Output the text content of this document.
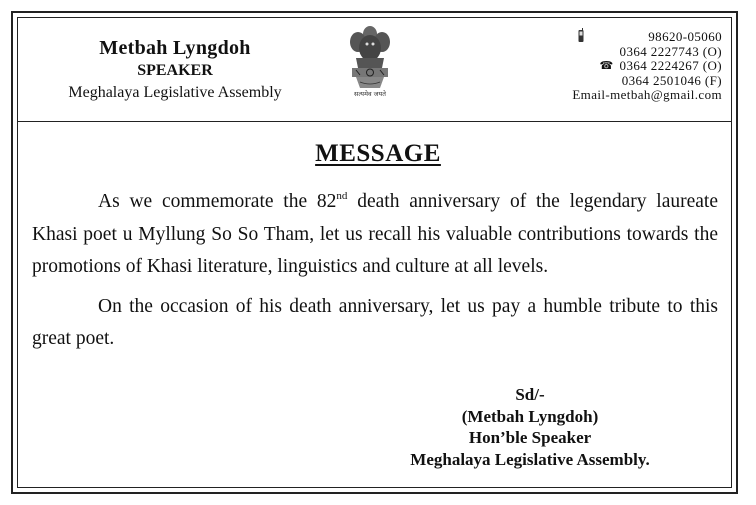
Metbah Lyngdoh
SPEAKER
Meghalaya Legislative Assembly	सत्यमेव जयते
98620-05060
0364 2227743 (O)
☎ 0364 2224267 (O)
0364 2501046 (F)
Email-metbah@gmail.com
MESSAGE

As we commemorate the 82nd death anniversary of the legendary laureate Khasi poet u Myllung So So Tham, let us recall his valuable contributions towards the promotions of Khasi literature, linguistics and culture at all levels.

On the occasion of his death anniversary, let us pay a humble tribute to this great poet.

Sd/-
(Metbah Lyngdoh)
Hon’ble Speaker
Meghalaya Legislative Assembly.
